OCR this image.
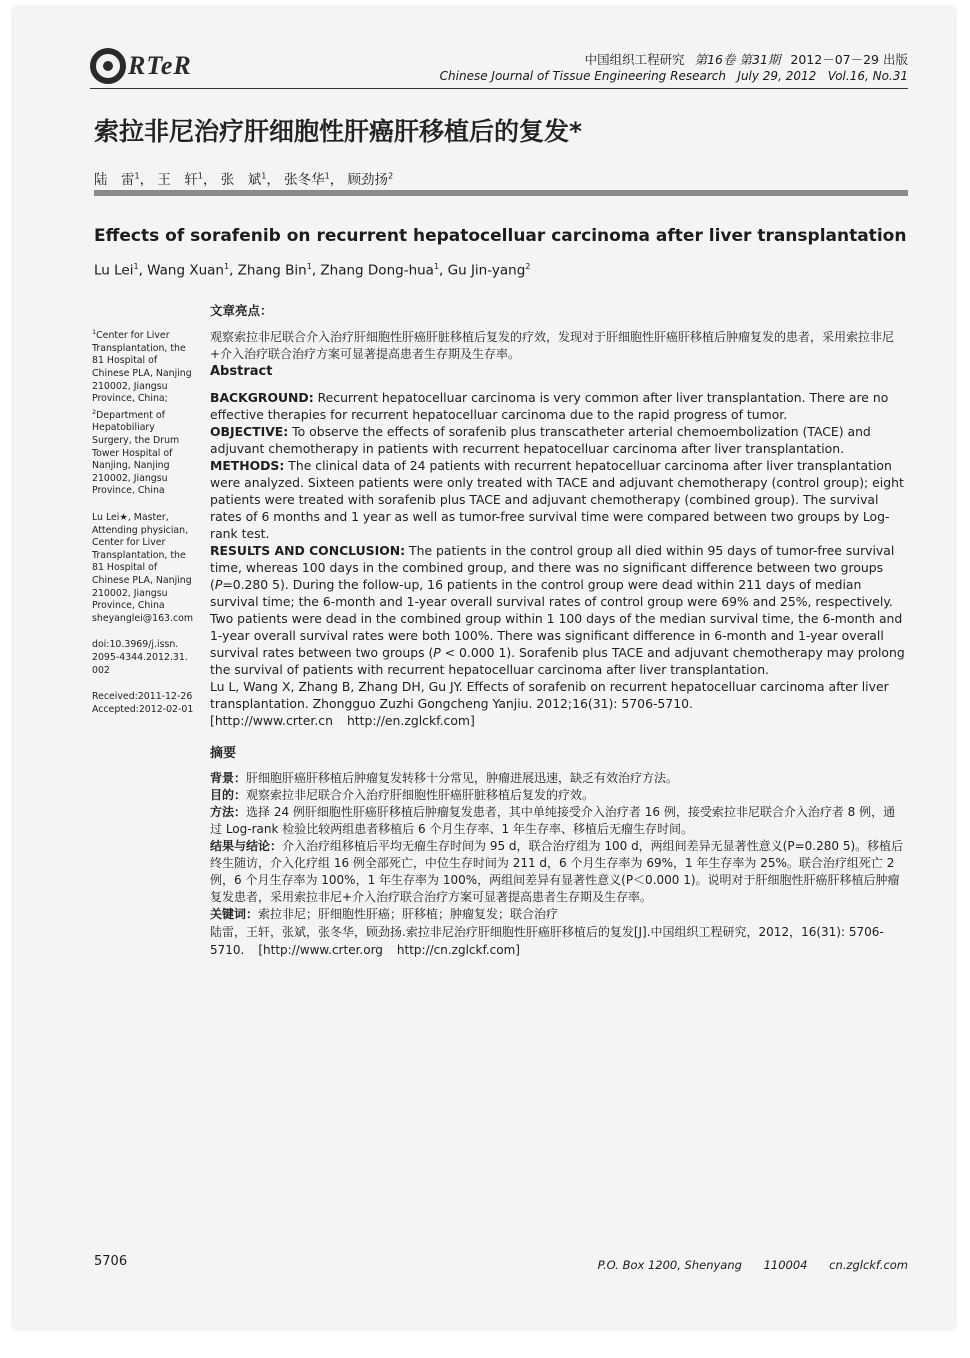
RTeR	中国组织工程研究 第16卷 第31期 2012－07－29 出版
Chinese Journal of Tissue Engineering Research July 29, 2012 Vol.16, No.31
索拉非尼治疗肝细胞性肝癌肝移植后的复发*
陆　雷$^1$， 王　轩$^1$， 张　斌$^1$， 张冬华$^1$， 顾劲扬$^2$
Effects of sorafenib on recurrent hepatocelluar carcinoma after liver transplantation
Lu Lei$^1$, Wang Xuan$^1$, Zhang Bin$^1$, Zhang Dong-hua$^1$, Gu Jin-yang$^2$
$^1$Center for Liver Transplantation, the 81 Hospital of Chinese PLA, Nanjing 210002, Jiangsu Province, China; $^2$Department of Hepatobiliary Surgery, the Drum Tower Hospital of Nanjing, Nanjing 210002, Jiangsu Province, China
Lu Lei★, Master, Attending physician, Center for Liver Transplantation, the 81 Hospital of Chinese PLA, Nanjing 210002, Jiangsu Province, China
sheyanglei@163.com
doi:10.3969/j.issn. 2095-4344.2012.31. 002
Received:2011-12-26
Accepted:2012-02-01
文章亮点：

观察索拉非尼联合介入治疗肝细胞性肝癌肝脏移植后复发的疗效，发现对于肝细胞性肝癌肝移植后肿瘤复发的患者，采用索拉非尼+介入治疗联合治疗方案可显著提高患者生存期及生存率。

Abstract

BACKGROUND: Recurrent hepatocelluar carcinoma is very common after liver transplantation. There are no effective therapies for recurrent hepatocelluar carcinoma due to the rapid progress of tumor.

OBJECTIVE: To observe the effects of sorafenib plus transcatheter arterial chemoembolization (TACE) and adjuvant chemotherapy in patients with recurrent hepatocelluar carcinoma after liver transplantation.

METHODS: The clinical data of 24 patients with recurrent hepatocelluar carcinoma after liver transplantation were analyzed. Sixteen patients were only treated with TACE and adjuvant chemotherapy (control group); eight patients were treated with sorafenib plus TACE and adjuvant chemotherapy (combined group). The survival rates of 6 months and 1 year as well as tumor-free survival time were compared between two groups by Log-rank test.

RESULTS AND CONCLUSION: The patients in the control group all died within 95 days of tumor-free survival time, whereas 100 days in the combined group, and there was no significant difference between two groups (P=0.280 5). During the follow-up, 16 patients in the control group were dead within 211 days of median survival time; the 6-month and 1-year overall survival rates of control group were 69% and 25%, respectively. Two patients were dead in the combined group within 1 100 days of the median survival time, the 6-month and 1-year overall survival rates were both 100%. There was significant difference in 6-month and 1-year overall survival rates between two groups (P < 0.000 1). Sorafenib plus TACE and adjuvant chemotherapy may prolong the survival of patients with recurrent hepatocelluar carcinoma after liver transplantation.

Lu L, Wang X, Zhang B, Zhang DH, Gu JY. Effects of sorafenib on recurrent hepatocelluar carcinoma after liver transplantation. Zhongguo Zuzhi Gongcheng Yanjiu. 2012;16(31): 5706-5710.
[http://www.crter.cn http://en.zglckf.com]

摘要

背景：肝细胞肝癌肝移植后肿瘤复发转移十分常见，肿瘤进展迅速，缺乏有效治疗方法。

目的：观察索拉非尼联合介入治疗肝细胞性肝癌肝脏移植后复发的疗效。

方法：选择 24 例肝细胞性肝癌肝移植后肿瘤复发患者，其中单纯接受介入治疗者 16 例，接受索拉非尼联合介入治疗者 8 例，通过 Log-rank 检验比较两组患者移植后 6 个月生存率、1 年生存率、移植后无瘤生存时间。

结果与结论：介入治疗组移植后平均无瘤生存时间为 95 d，联合治疗组为 100 d，两组间差异无显著性意义(P=0.280 5)。移植后终生随访，介入化疗组 16 例全部死亡，中位生存时间为 211 d，6 个月生存率为 69%，1 年生存率为 25%。联合治疗组死亡 2 例，6 个月生存率为 100%，1 年生存率为 100%，两组间差异有显著性意义(P＜0.000 1)。说明对于肝细胞性肝癌肝移植后肿瘤复发患者，采用索拉非尼+介入治疗联合治疗方案可显著提高患者生存期及生存率。

关键词：索拉非尼；肝细胞性肝癌；肝移植；肿瘤复发；联合治疗

陆雷，王轩，张斌，张冬华，顾劲扬.索拉非尼治疗肝细胞性肝癌肝移植后的复发[J].中国组织工程研究，2012，16(31): 5706-5710. [http://www.crter.org http://cn.zglckf.com]

5706	P.O. Box 1200, Shenyang 110004 cn.zglckf.com
